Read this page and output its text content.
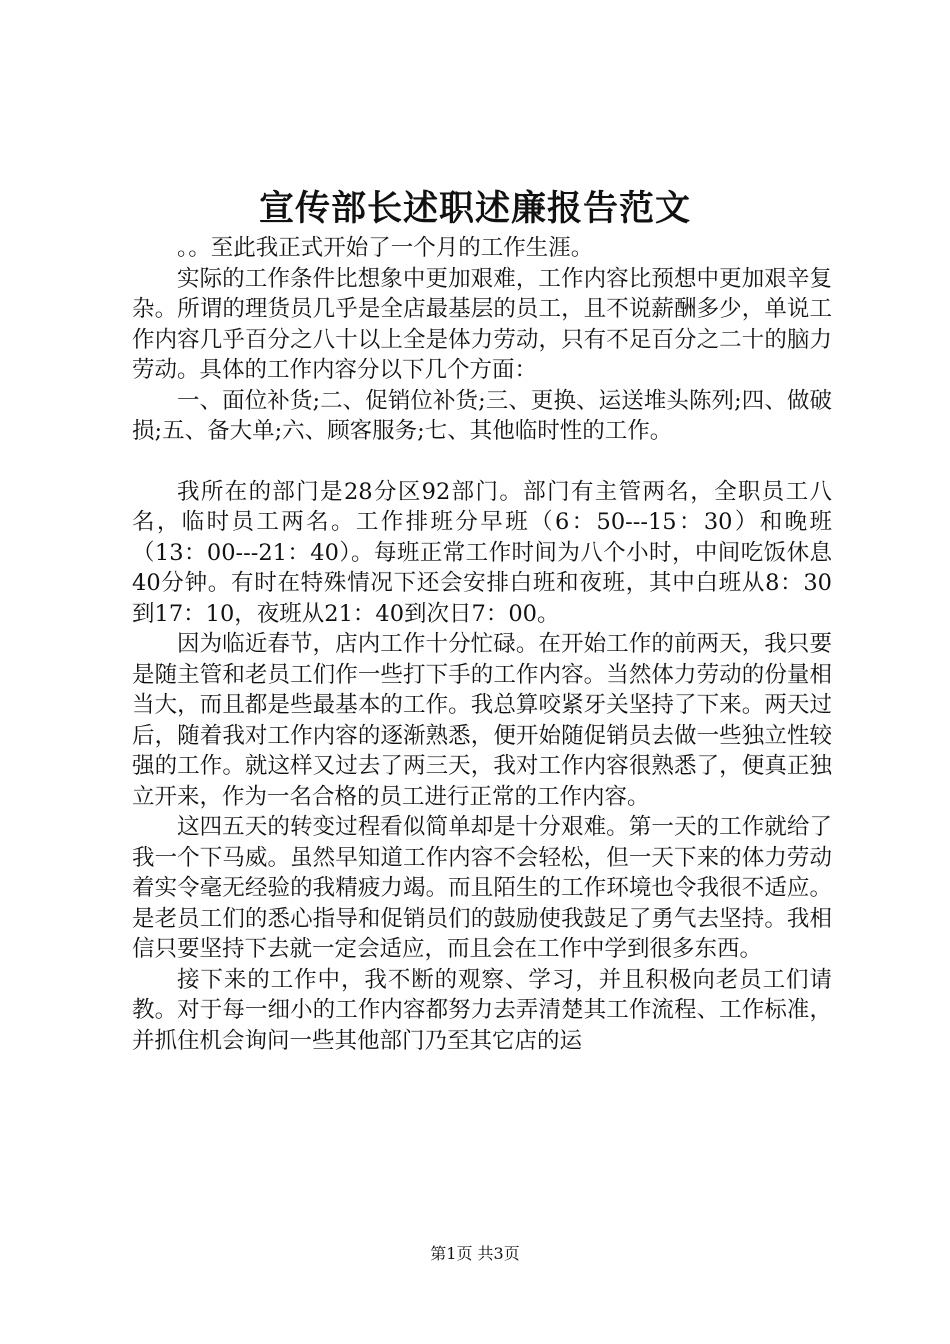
宣传部长述职述廉报告范文

。。至此我正式开始了一个月的工作生涯。

实际的工作条件比想象中更加艰难，工作内容比预想中更加艰辛复杂。所谓的理货员几乎是全店最基层的员工，且不说薪酬多少，单说工作内容几乎百分之八十以上全是体力劳动，只有不足百分之二十的脑力劳动。具体的工作内容分以下几个方面：

一、面位补货;二、促销位补货;三、更换、运送堆头陈列;四、做破损;五、备大单;六、顾客服务;七、其他临时性的工作。

我所在的部门是28分区92部门。部门有主管两名，全职员工八名，临时员工两名。工作排班分早班（6：50---15：30）和晚班（13：00---21：40）。每班正常工作时间为八个小时，中间吃饭休息40分钟。有时在特殊情况下还会安排白班和夜班，其中白班从8：30到17：10，夜班从21：40到次日7：00。

因为临近春节，店内工作十分忙碌。在开始工作的前两天，我只要是随主管和老员工们作一些打下手的工作内容。当然体力劳动的份量相当大，而且都是些最基本的工作。我总算咬紧牙关坚持了下来。两天过后，随着我对工作内容的逐渐熟悉，便开始随促销员去做一些独立性较强的工作。就这样又过去了两三天，我对工作内容很熟悉了，便真正独立开来，作为一名合格的员工进行正常的工作内容。

这四五天的转变过程看似简单却是十分艰难。第一天的工作就给了我一个下马威。虽然早知道工作内容不会轻松，但一天下来的体力劳动着实令毫无经验的我精疲力竭。而且陌生的工作环境也令我很不适应。是老员工们的悉心指导和促销员们的鼓励使我鼓足了勇气去坚持。我相信只要坚持下去就一定会适应，而且会在工作中学到很多东西。

接下来的工作中，我不断的观察、学习，并且积极向老员工们请教。对于每一细小的工作内容都努力去弄清楚其工作流程、工作标准，并抓住机会询问一些其他部门乃至其它店的运

第1页 共3页
